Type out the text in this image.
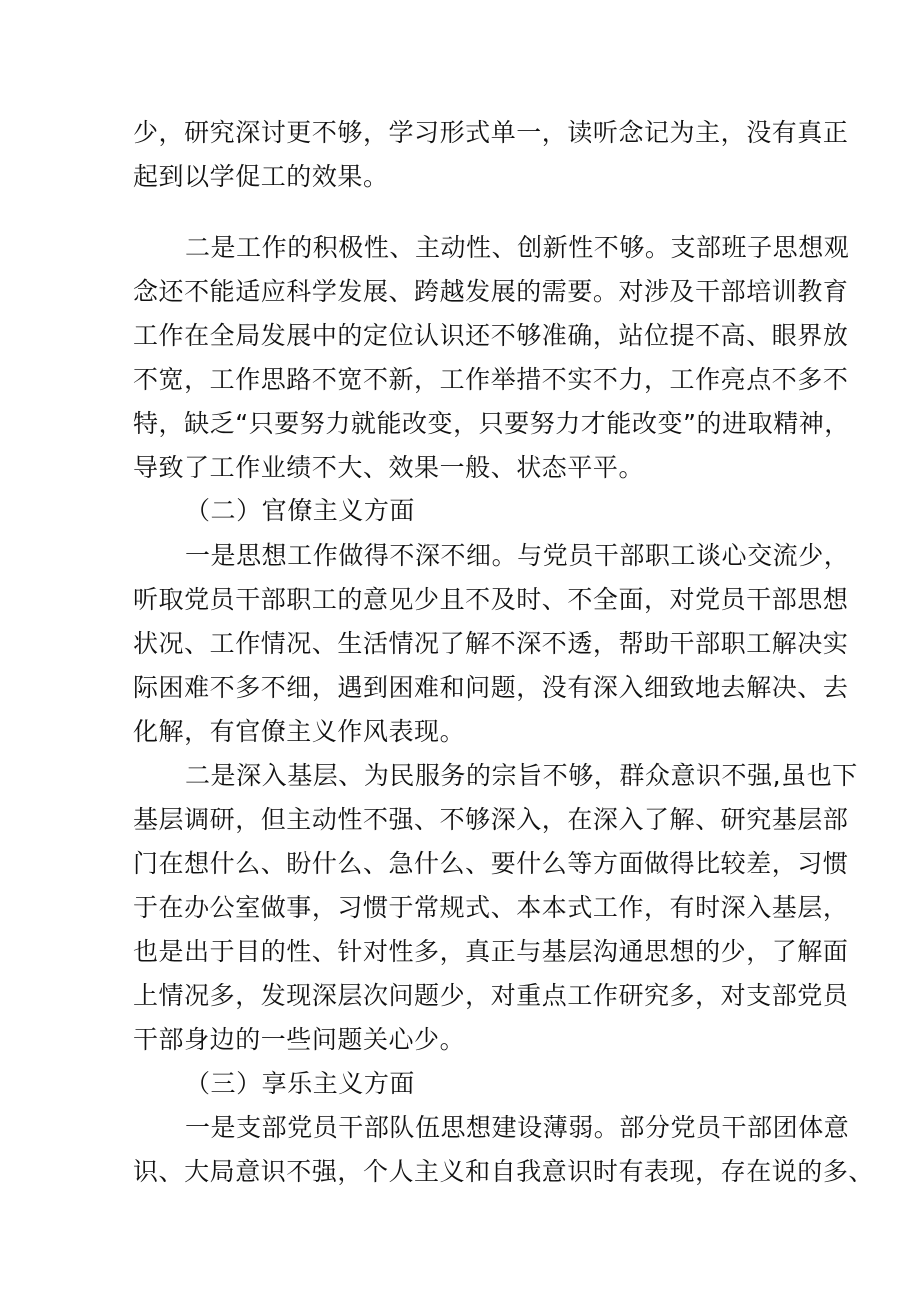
少，研究深讨更不够，学习形式单一，读听念记为主，没有真正
起到以学促工的效果。
二是工作的积极性、主动性、创新性不够。支部班子思想观
念还不能适应科学发展、跨越发展的需要。对涉及干部培训教育
工作在全局发展中的定位认识还不够准确，站位提不高、眼界放
不宽，工作思路不宽不新，工作举措不实不力，工作亮点不多不
特，缺乏“只要努力就能改变，只要努力才能改变”的进取精神，
导致了工作业绩不大、效果一般、状态平平。
（二）官僚主义方面
一是思想工作做得不深不细。与党员干部职工谈心交流少，
听取党员干部职工的意见少且不及时、不全面，对党员干部思想
状况、工作情况、生活情况了解不深不透，帮助干部职工解决实
际困难不多不细，遇到困难和问题，没有深入细致地去解决、去
化解，有官僚主义作风表现。
二是深入基层、为民服务的宗旨不够，群众意识不强,虽也下
基层调研，但主动性不强、不够深入，在深入了解、研究基层部
门在想什么、盼什么、急什么、要什么等方面做得比较差，习惯
于在办公室做事，习惯于常规式、本本式工作，有时深入基层，
也是出于目的性、针对性多，真正与基层沟通思想的少，了解面
上情况多，发现深层次问题少，对重点工作研究多，对支部党员
干部身边的一些问题关心少。
（三）享乐主义方面
一是支部党员干部队伍思想建设薄弱。部分党员干部团体意
识、大局意识不强，个人主义和自我意识时有表现，存在说的多、
